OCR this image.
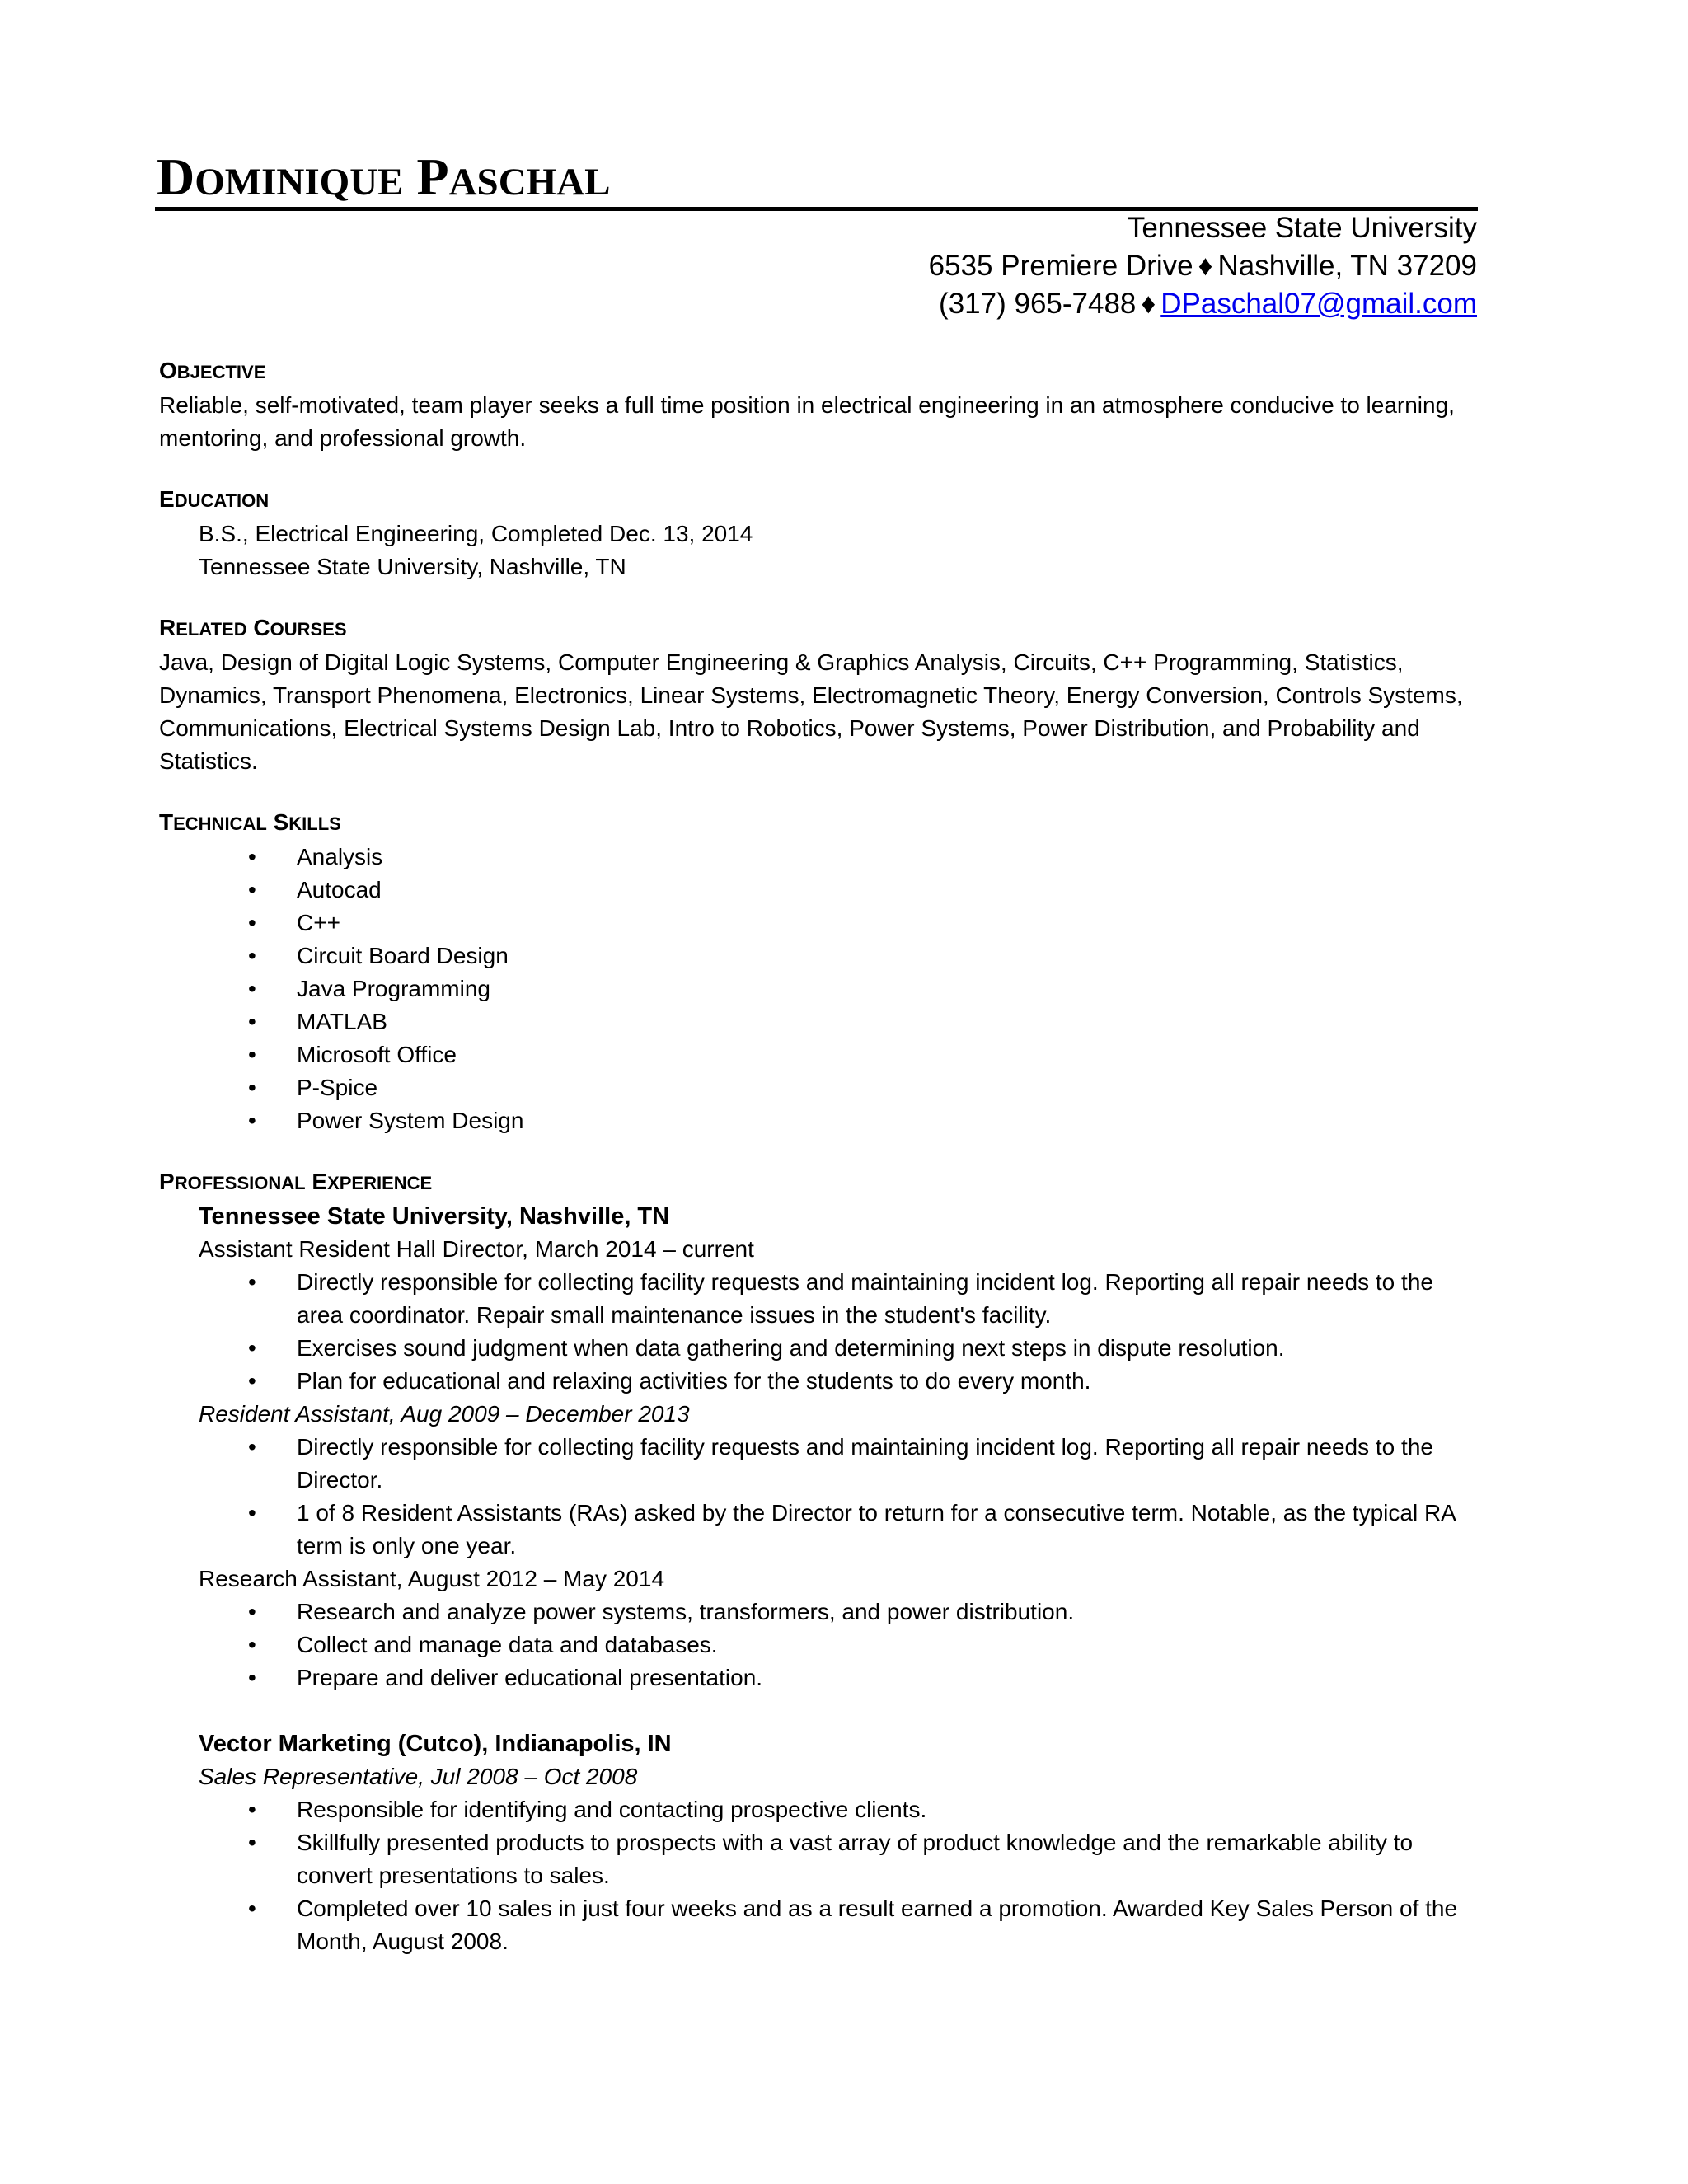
DOMINIQUE PASCHAL
Tennessee State University
6535 Premiere Drive ♦ Nashville, TN 37209
(317) 965-7488 ♦ DPaschal07@gmail.com
OBJECTIVE

Reliable, self-motivated, team player seeks a full time position in electrical engineering in an atmosphere conducive to learning, mentoring, and professional growth.

EDUCATION

B.S., Electrical Engineering, Completed Dec. 13, 2014

Tennessee State University, Nashville, TN

RELATED COURSES

Java, Design of Digital Logic Systems, Computer Engineering & Graphics Analysis, Circuits, C++ Programming, Statistics, Dynamics, Transport Phenomena, Electronics, Linear Systems, Electromagnetic Theory, Energy Conversion, Controls Systems, Communications, Electrical Systems Design Lab, Intro to Robotics, Power Systems, Power Distribution, and Probability and Statistics.

TECHNICAL SKILLS
• Analysis
• Autocad
• C++
• Circuit Board Design
• Java Programming
• MATLAB
• Microsoft Office
• P-Spice
• Power System Design
PROFESSIONAL EXPERIENCE

Tennessee State University, Nashville, TN

Assistant Resident Hall Director, March 2014 – current

• Directly responsible for collecting facility requests and maintaining incident log. Reporting all repair needs to the area coordinator. Repair small maintenance issues in the student's facility.
• Exercises sound judgment when data gathering and determining next steps in dispute resolution.
• Plan for educational and relaxing activities for the students to do every month.

Resident Assistant, Aug 2009 – December 2013

• Directly responsible for collecting facility requests and maintaining incident log. Reporting all repair needs to the Director.
• 1 of 8 Resident Assistants (RAs) asked by the Director to return for a consecutive term. Notable, as the typical RA term is only one year.

Research Assistant, August 2012 – May 2014

• Research and analyze power systems, transformers, and power distribution.
• Collect and manage data and databases.
• Prepare and deliver educational presentation.

Vector Marketing (Cutco), Indianapolis, IN

Sales Representative, Jul 2008 – Oct 2008

• Responsible for identifying and contacting prospective clients.
• Skillfully presented products to prospects with a vast array of product knowledge and the remarkable ability to convert presentations to sales.
• Completed over 10 sales in just four weeks and as a result earned a promotion. Awarded Key Sales Person of the Month, August 2008.
